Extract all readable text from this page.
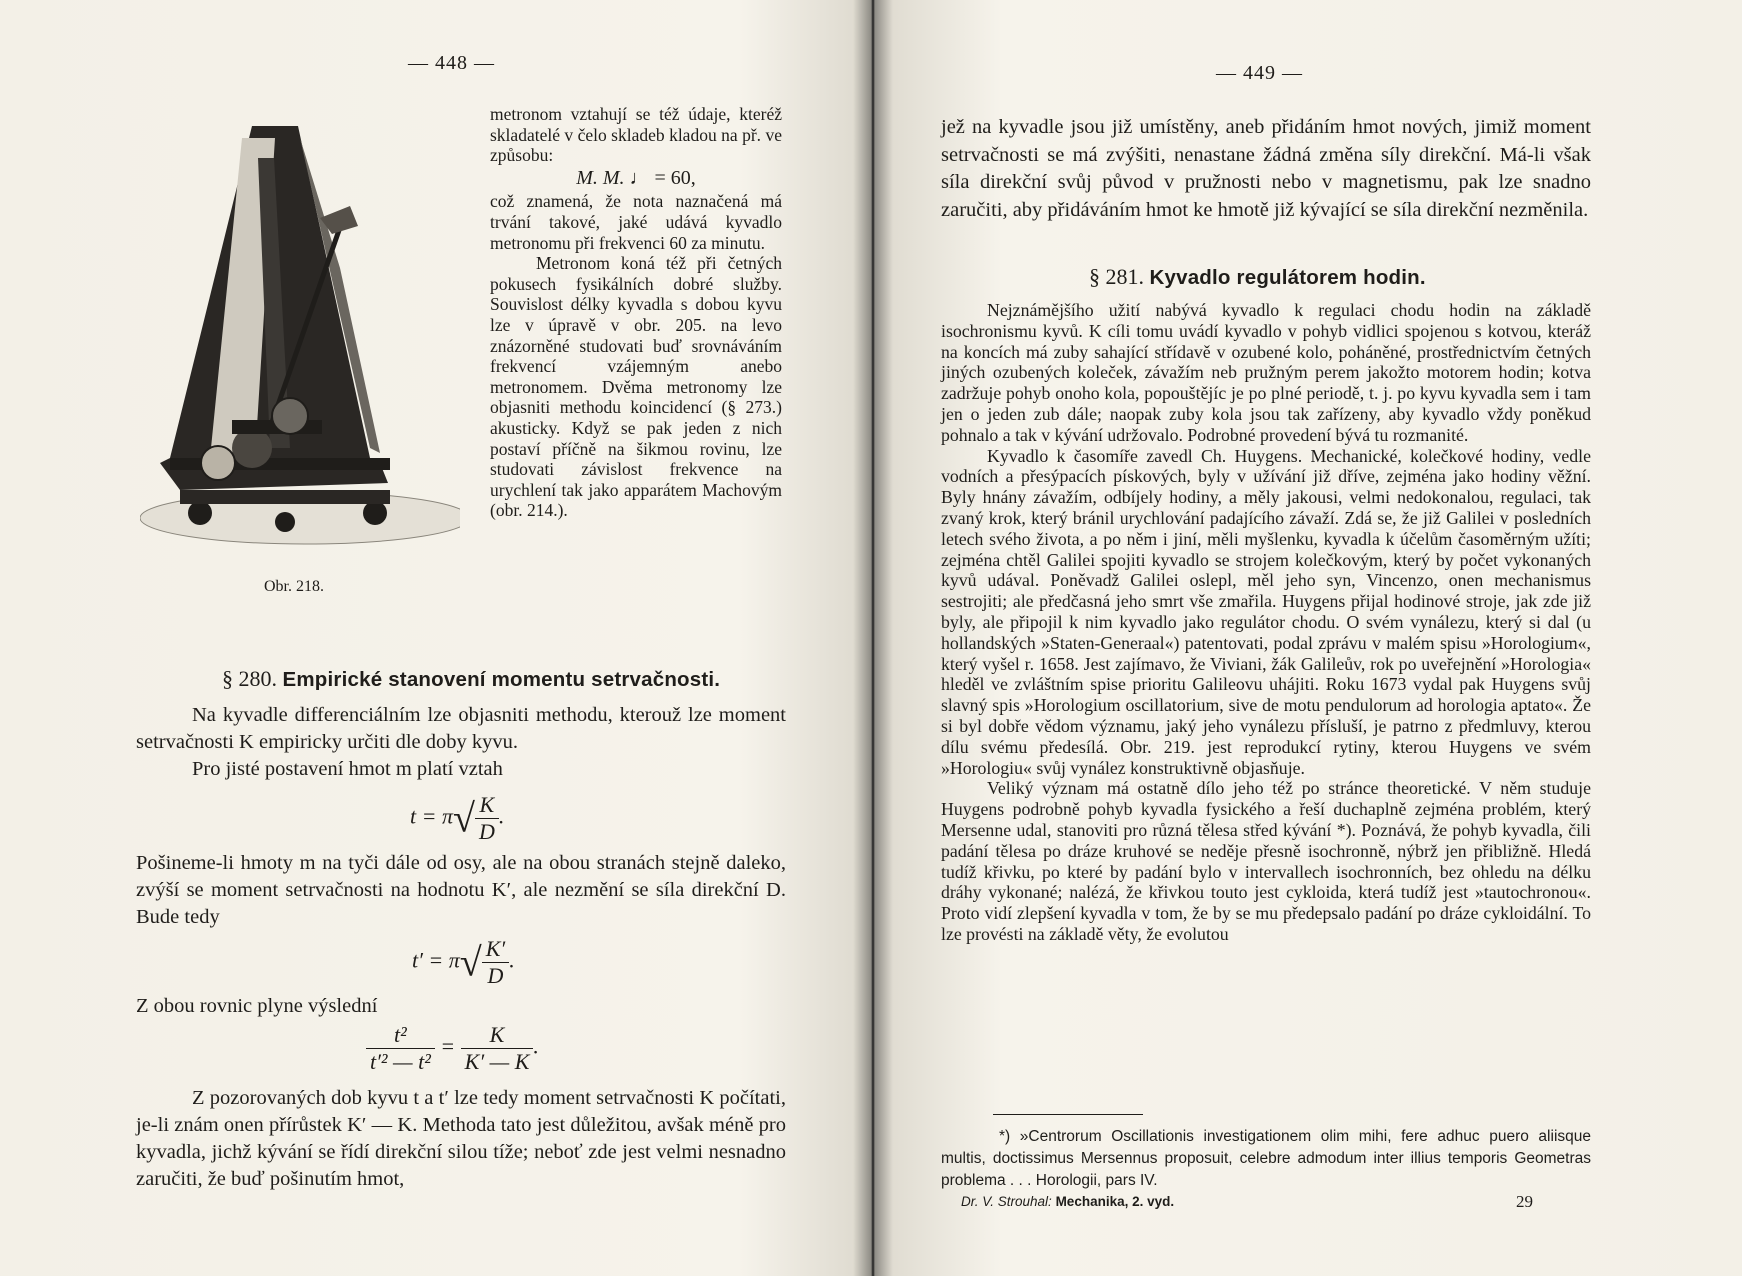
— 448 —
Obr. 218.

metronom vztahují se též údaje, kteréž skladatelé v čelo skladeb kladou na př. ve způsobu:

M. M. ♩ = 60,

což znamená, že nota naznačená má trvání takové, jaké udává kyvadlo metronomu při frekvenci 60 za minutu.

Metronom koná též při četných pokusech fysikálních dobré služby. Souvislost délky kyvadla s dobou kyvu lze v úpravě v obr. 205. na levo znázorněné studovati buď srovnáváním frekvencí vzájemným anebo metronomem. Dvěma metronomy lze objasniti methodu koincidencí (§ 273.) akusticky. Když se pak jeden z nich postaví příčně na šikmou rovinu, lze studovati závislost frekvence na urychlení tak jako apparátem Machovým (obr. 214.).

§ 280. Empirické stanovení momentu setrvačnosti.

Na kyvadle differenciálním lze objasniti methodu, kterouž lze moment setrvačnosti K empiricky určiti dle doby kyvu.

Pro jisté postavení hmot m platí vztah

$t = \pi√ \frac{K}{D}$ .

Pošineme-li hmoty m na tyči dále od osy, ale na obou stranách stejně daleko, zvýší se moment setrvačnosti na hodnotu K′, ale nezmění se síla direkční D. Bude tedy

$t' = \pi√ \frac{K'}{D}$ .

Z obou rovnic plyne výslední

$\frac{\text{t²}}{\text{t′² — t²}} = \frac{K}{K' — K}$ .

Z pozorovaných dob kyvu t a t′ lze tedy moment setrvačnosti K počítati, je-li znám onen přírůstek K′ — K. Methoda tato jest důležitou, avšak méně pro kyvadla, jichž kývání se řídí direkční silou tíže; neboť zde jest velmi nesnadno zaručiti, že buď pošinutím hmot,

— 449 —

jež na kyvadle jsou již umístěny, aneb přidáním hmot nových, jimiž moment setrvačnosti se má zvýšiti, nenastane žádná změna síly direkční. Má-li však síla direkční svůj původ v pružnosti nebo v magnetismu, pak lze snadno zaručiti, aby přidáváním hmot ke hmotě již kývající se síla direkční nezměnila.

§ 281. Kyvadlo regulátorem hodin.

Nejznámějšího užití nabývá kyvadlo k regulaci chodu hodin na základě isochronismu kyvů. K cíli tomu uvádí kyvadlo v pohyb vidlici spojenou s kotvou, kteráž na koncích má zuby sahající střídavě v ozubené kolo, poháněné, prostřednictvím četných jiných ozubených koleček, závažím neb pružným perem jakožto motorem hodin; kotva zadržuje pohyb onoho kola, popouštějíc je po plné periodě, t. j. po kyvu kyvadla sem i tam jen o jeden zub dále; naopak zuby kola jsou tak zařízeny, aby kyvadlo vždy poněkud pohnalo a tak v kývání udržovalo. Podrobné provedení bývá tu rozmanité.

Kyvadlo k časomíře zavedl Ch. Huygens. Mechanické, kolečkové hodiny, vedle vodních a přesýpacích pískových, byly v užívání již dříve, zejména jako hodiny věžní. Byly hnány závažím, odbíjely hodiny, a měly jakousi, velmi nedokonalou, regulaci, tak zvaný krok, který bránil urychlování padajícího závaží. Zdá se, že již Galilei v posledních letech svého života, a po něm i jiní, měli myšlenku, kyvadla k účelům časoměrným užíti; zejména chtěl Galilei spojiti kyvadlo se strojem kolečkovým, který by počet vykonaných kyvů udával. Poněvadž Galilei oslepl, měl jeho syn, Vincenzo, onen mechanismus sestrojiti; ale předčasná jeho smrt vše zmařila. Huygens přijal hodinové stroje, jak zde již byly, ale připojil k nim kyvadlo jako regulátor chodu. O svém vynálezu, který si dal (u hollandských »Staten-Generaal«) patentovati, podal zprávu v malém spisu »Horologium«, který vyšel r. 1658. Jest zajímavo, že Viviani, žák Galileův, rok po uveřejnění »Horologia« hleděl ve zvláštním spise prioritu Galileovu uhájiti. Roku 1673 vydal pak Huygens svůj slavný spis »Horologium oscillatorium, sive de motu pendulorum ad horologia aptato«. Že si byl dobře vědom významu, jaký jeho vynálezu přísluší, je patrno z předmluvy, kterou dílu svému předesílá. Obr. 219. jest reprodukcí rytiny, kterou Huygens ve svém »Horologiu« svůj vynález konstruktivně objasňuje.

Veliký význam má ostatně dílo jeho též po stránce theoretické. V něm studuje Huygens podrobně pohyb kyvadla fysického a řeší duchaplně zejména problém, který Mersenne udal, stanoviti pro různá tělesa střed kývání *). Poznává, že pohyb kyvadla, čili padání tělesa po dráze kruhové se neděje přesně isochronně, nýbrž jen přibližně. Hledá tudíž křivku, po které by padání bylo v intervallech isochronních, bez ohledu na délku dráhy vykonané; nalézá, že křivkou touto jest cykloida, která tudíž jest »tautochronou«. Proto vidí zlepšení kyvadla v tom, že by se mu předepsalo padání po dráze cykloidální. To lze provésti na základě věty, že evolutou

*) »Centrorum Oscillationis investigationem olim mihi, fere adhuc puero aliisque multis, doctissimus Mersennus proposuit, celebre admodum inter illius temporis Geometras problema . . . Horologii, pars IV.

Dr. V. Strouhal: Mechanika, 2. vyd.	29
